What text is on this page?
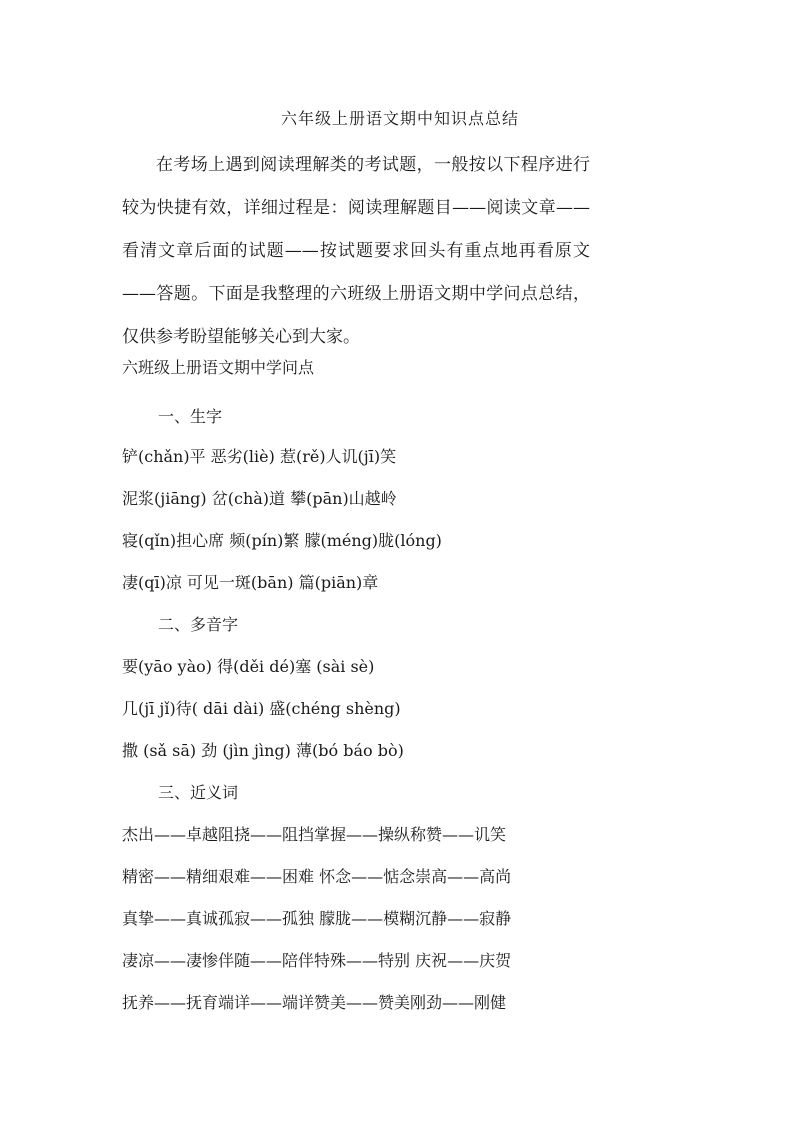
六年级上册语文期中知识点总结
在考场上遇到阅读理解类的考试题，一般按以下程序进行较为快捷有效，详细过程是：阅读理解题目——阅读文章——看清文章后面的试题——按试题要求回头有重点地再看原文——答题。下面是我整理的六班级上册语文期中学问点总结，仅供参考盼望能够关心到大家。
六班级上册语文期中学问点
一、生字
铲(chǎn)平 恶劣(liè) 惹(rě)人讥(jī)笑
泥浆(jiāng) 岔(chà)道 攀(pān)山越岭
寝(qǐn)担心席 频(pín)繁 朦(méng)胧(lóng)
凄(qī)凉 可见一斑(bān) 篇(piān)章
二、多音字
要(yāo yào) 得(děi dé)塞 (sài sè)
几(jī jǐ)待( dāi dài) 盛(chéng shèng)
撒 (sǎ sā) 劲 (jìn jìng) 薄(bó báo bò)
三、近义词
杰出——卓越阻挠——阻挡掌握——操纵称赞——讥笑
精密——精细艰难——困难 怀念——惦念崇高——高尚
真挚——真诚孤寂——孤独 朦胧——模糊沉静——寂静
凄凉——凄惨伴随——陪伴特殊——特别 庆祝——庆贺
抚养——抚育端详——端详赞美——赞美刚劲——刚健
